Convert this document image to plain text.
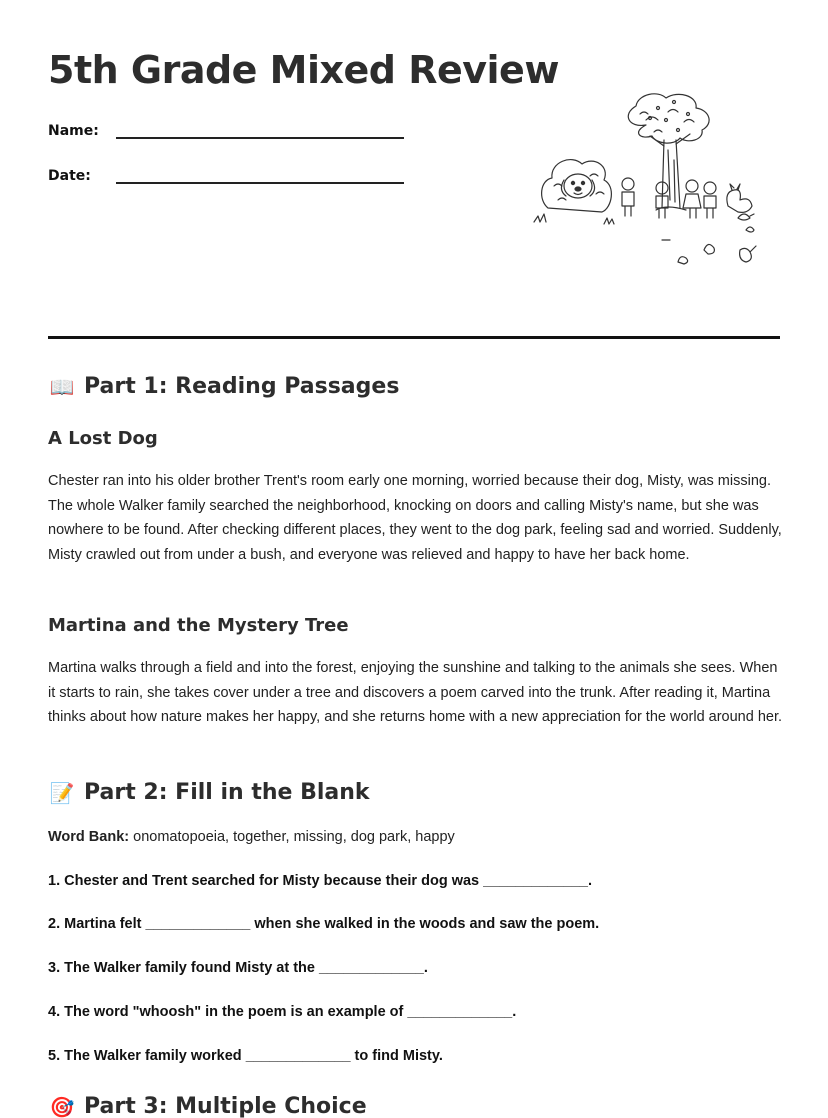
5th Grade Mixed Review
Name:
Date:
📖 Part 1: Reading Passages
A Lost Dog

Chester ran into his older brother Trent's room early one morning, worried because their dog, Misty, was missing. The whole Walker family searched the neighborhood, knocking on doors and calling Misty's name, but she was nowhere to be found. After checking different places, they went to the dog park, feeling sad and worried. Suddenly, Misty crawled out from under a bush, and everyone was relieved and happy to have her back home.

Martina and the Mystery Tree

Martina walks through a field and into the forest, enjoying the sunshine and talking to the animals she sees. When it starts to rain, she takes cover under a tree and discovers a poem carved into the trunk. After reading it, Martina thinks about how nature makes her happy, and she returns home with a new appreciation for the world around her.

📝 Part 2: Fill in the Blank
Word Bank: onomatopoeia, together, missing, dog park, happy
1. Chester and Trent searched for Misty because their dog was _____________.
2. Martina felt _____________ when she walked in the woods and saw the poem.
3. The Walker family found Misty at the _____________.
4. The word "whoosh" in the poem is an example of _____________.
5. The Walker family worked _____________ to find Misty.
🎯 Part 3: Multiple Choice
